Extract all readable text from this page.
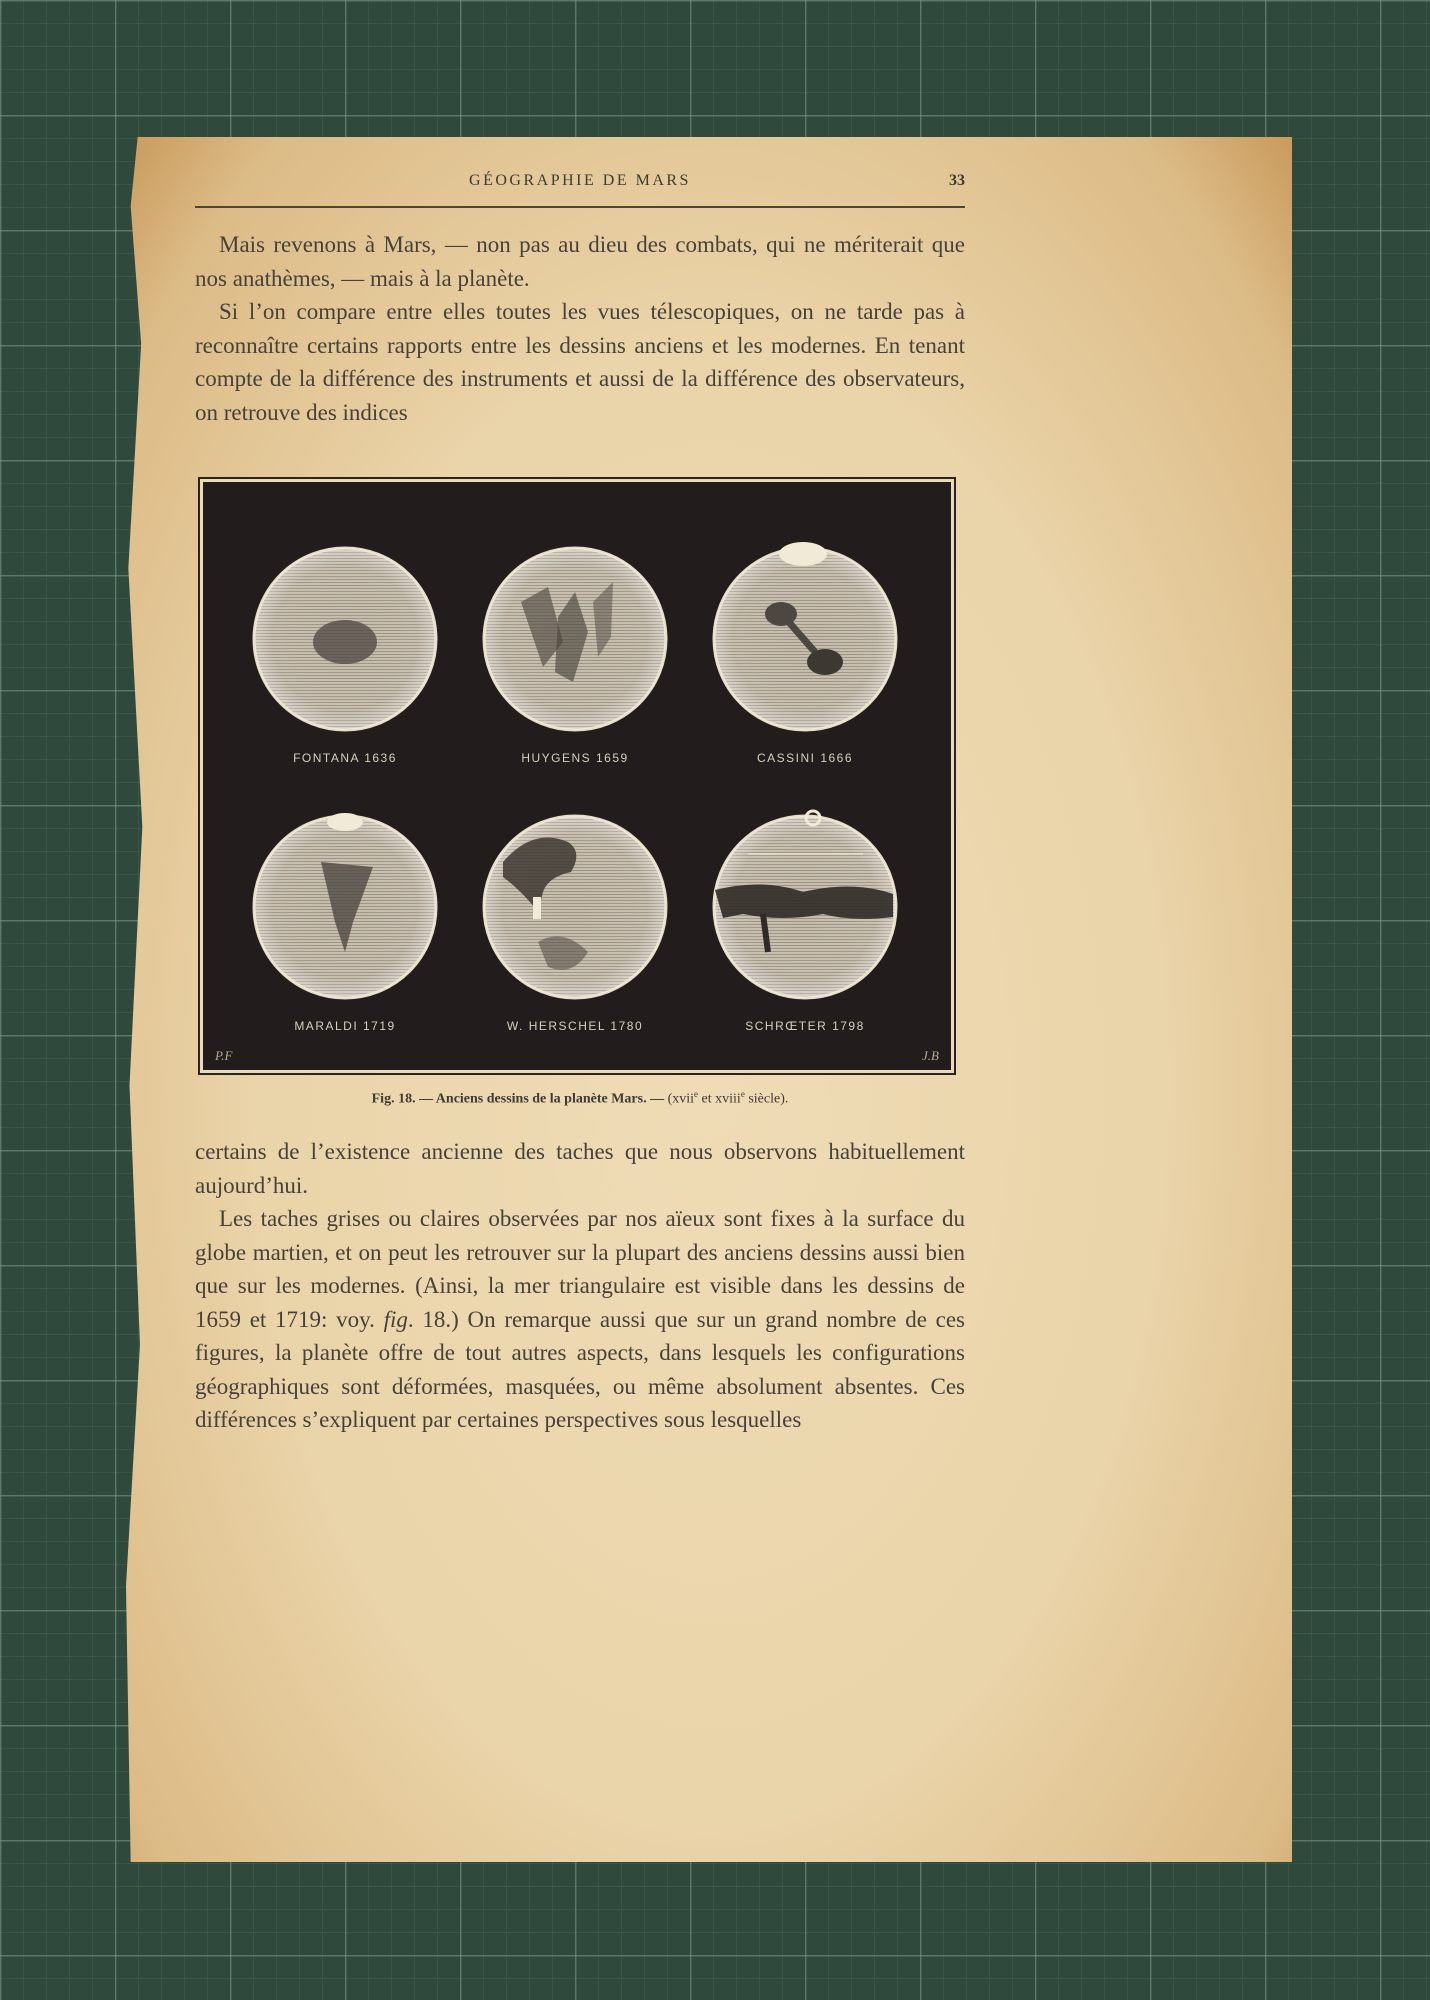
GÉOGRAPHIE DE MARS	33

Mais revenons à Mars, — non pas au dieu des combats, qui ne mériterait que nos anathèmes, — mais à la planète.

Si l’on compare entre elles toutes les vues télescopiques, on ne tarde pas à reconnaître certains rapports entre les dessins anciens et les modernes. En tenant compte de la différence des instruments et aussi de la différence des observateurs, on retrouve des indices

FONTANA 1636	HUYGENS 1659	CASSINI 1666
MARALDI 1719	W. HERSCHEL 1780	SCHRŒTER 1798
P.F	J.B
Fig. 18. — Anciens dessins de la planète Mars. — (xvii$^e$ et xviii$^e$ siècle).

certains de l’existence ancienne des taches que nous observons habituellement aujourd’hui.

Les taches grises ou claires observées par nos aïeux sont fixes à la surface du globe martien, et on peut les retrouver sur la plupart des anciens dessins aussi bien que sur les modernes. (Ainsi, la mer triangulaire est visible dans les dessins de 1659 et 1719: voy. fig. 18.) On remarque aussi que sur un grand nombre de ces figures, la planète offre de tout autres aspects, dans lesquels les configurations géographiques sont déformées, masquées, ou même absolument absentes. Ces différences s’expliquent par certaines perspectives sous lesquelles
